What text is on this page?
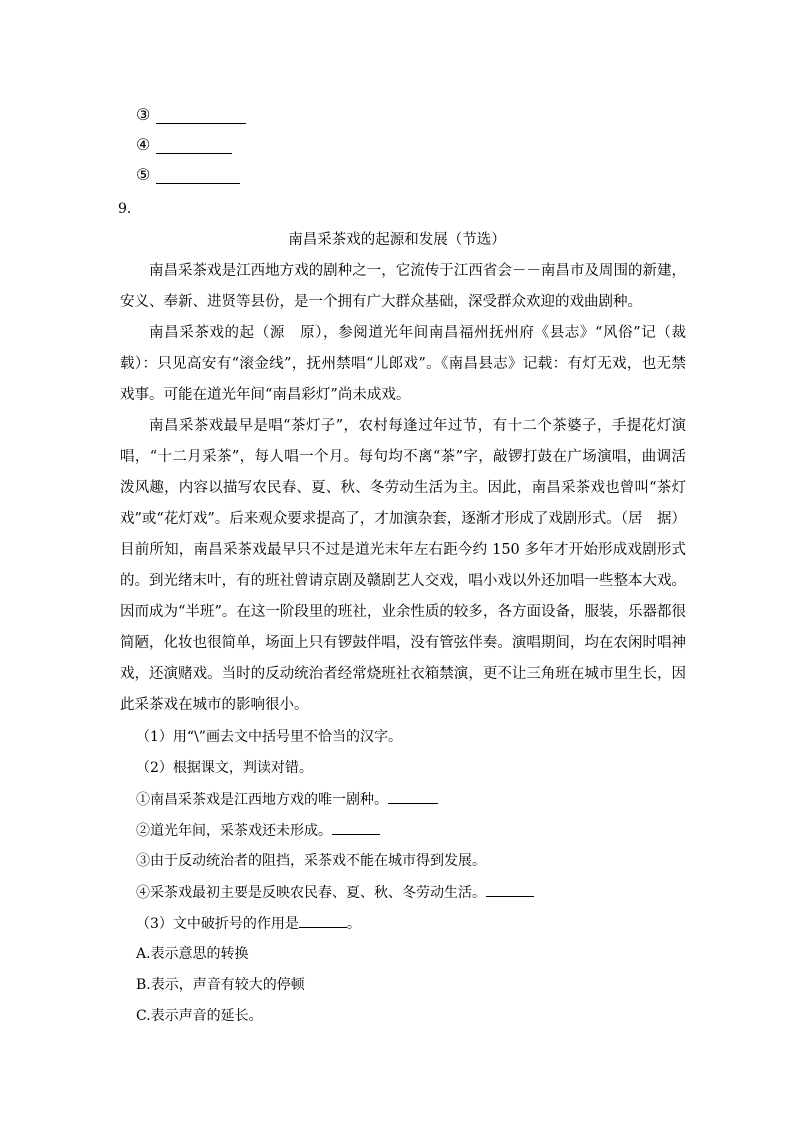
③
④
⑤
9．
南昌采茶戏的起源和发展（节选）

南昌采茶戏是江西地方戏的剧种之一，它流传于江西省会－－南昌市及周围的新建，安义、奉新、进贤等县份，是一个拥有广大群众基础，深受群众欢迎的戏曲剧种。

南昌采茶戏的起（源　原），参阅道光年间南昌福州抚州府《县志》“风俗”记（裁　载）：只见高安有“滚金线”，抚州禁唱“儿郎戏”。《南昌县志》记载：有灯无戏，也无禁戏事。可能在道光年间“南昌彩灯”尚未成戏。

南昌采茶戏最早是唱“茶灯子”，农村每逢过年过节，有十二个茶婆子，手提花灯演唱，“十二月采茶”，每人唱一个月。每句均不离“茶”字，敲锣打鼓在广场演唱，曲调活泼风趣，内容以描写农民春、夏、秋、冬劳动生活为主。因此，南昌采茶戏也曾叫“茶灯戏”或“花灯戏”。后来观众要求提高了，才加演杂套，逐渐才形成了戏剧形式。（居　据）目前所知，南昌采茶戏最早只不过是道光末年左右距今约 150 多年才开始形成戏剧形式的。 到光绪末叶，有的班社曾请京剧及赣剧艺人交戏，唱小戏以外还加唱一些整本大戏。因而成为“半班”。在这一阶段里的班社，业余性质的较多，各方面设备，服装，乐器都很简陋，化妆也很简单，场面上只有锣鼓伴唱，没有管弦伴奏。演唱期间，均在农闲时唱神戏，还演赌戏。当时的反动统治者经常烧班社衣箱禁演，更不让三角班在城市里生长，因此采茶戏在城市的影响很小。

（1）用“\”画去文中括号里不恰当的汉字。
（2）根据课文，判读对错。
①南昌采茶戏是江西地方戏的唯一剧种。
②道光年间，采茶戏还未形成。
③由于反动统治者的阻挡，采茶戏不能在城市得到发展。
④采茶戏最初主要是反映农民春、夏、秋、冬劳动生活。
（3）文中破折号的作用是	。
A.表示意思的转换
B.表示，声音有较大的停顿
C.表示声音的延长。
